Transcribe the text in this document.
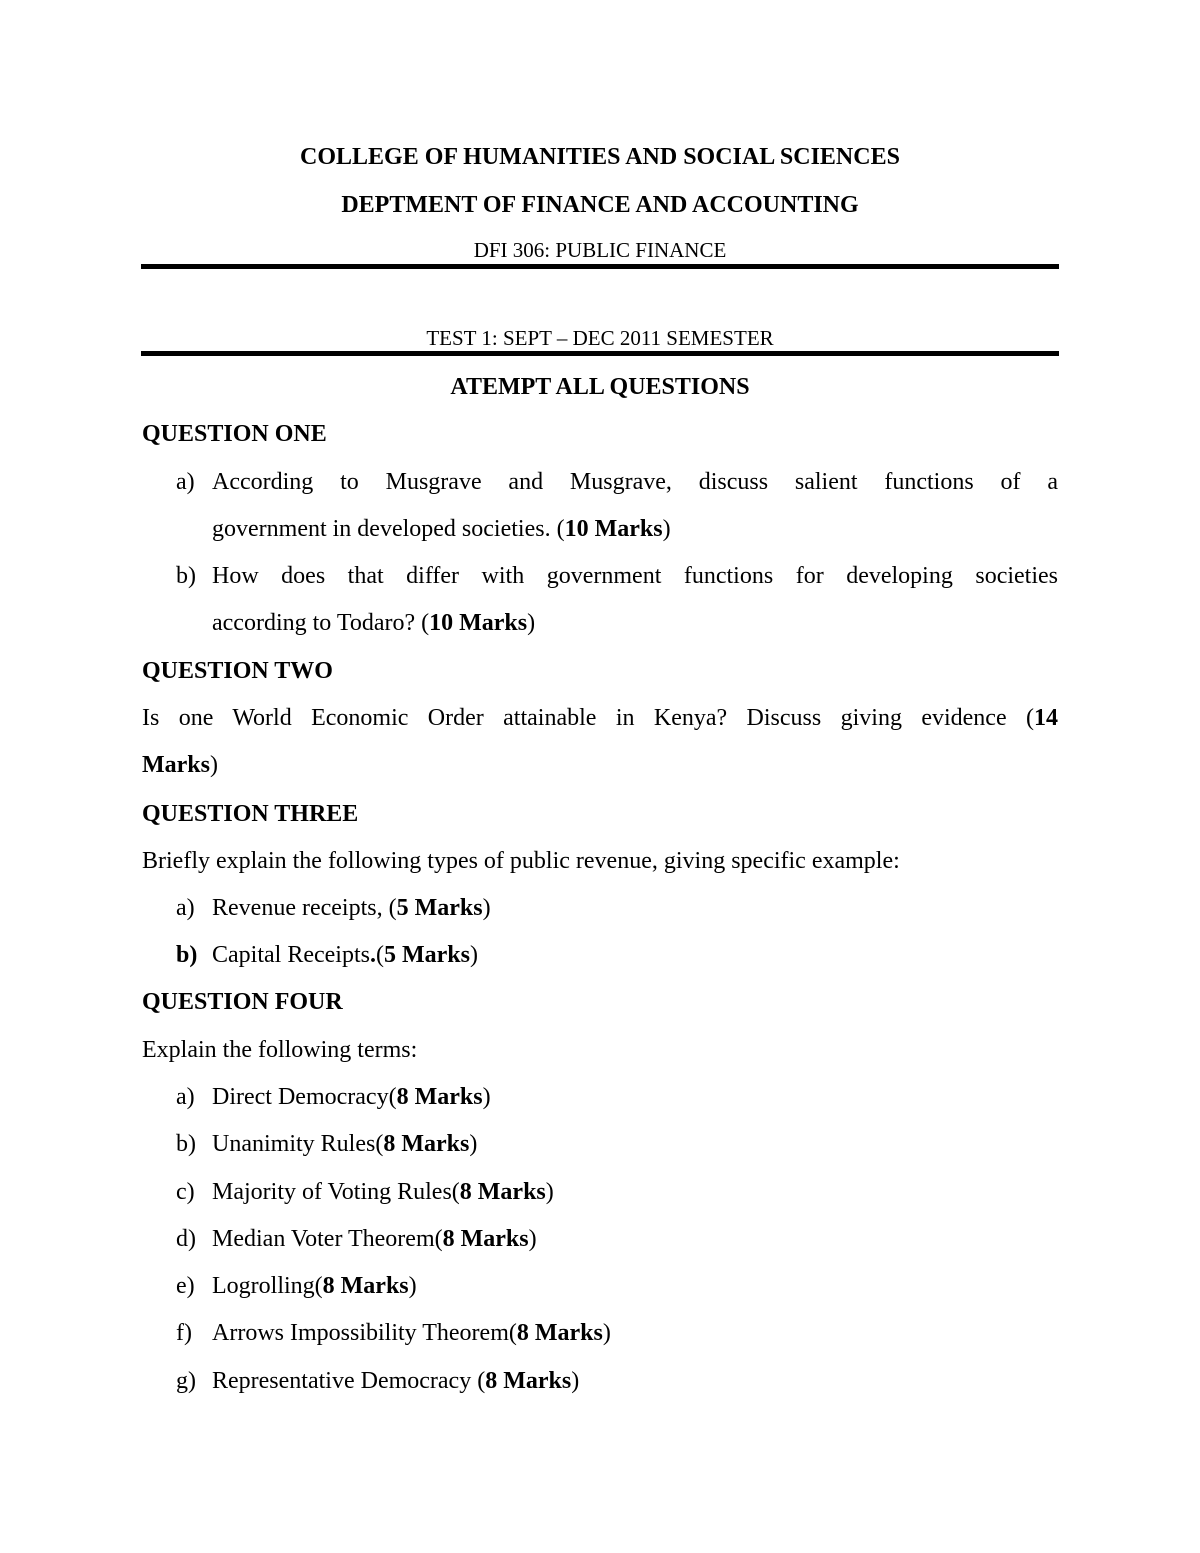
COLLEGE OF HUMANITIES AND SOCIAL SCIENCES
DEPTMENT OF FINANCE AND ACCOUNTING
DFI 306: PUBLIC FINANCE
TEST 1: SEPT – DEC 2011 SEMESTER
ATEMPT ALL QUESTIONS
QUESTION ONE
a) According to Musgrave and Musgrave, discuss salient functions of a
government in developed societies. (10 Marks)
b) How does that differ with government functions for developing societies
according to Todaro? (10 Marks)
QUESTION TWO
Is one World Economic Order attainable in Kenya? Discuss giving evidence (14
Marks)
QUESTION THREE
Briefly explain the following types of public revenue, giving specific example:
a) Revenue receipts, (5 Marks)
b) Capital Receipts.(5 Marks)
QUESTION FOUR
Explain the following terms:
a) Direct Democracy(8 Marks)
b) Unanimity Rules(8 Marks)
c) Majority of Voting Rules(8 Marks)
d) Median Voter Theorem(8 Marks)
e) Logrolling(8 Marks)
f) Arrows Impossibility Theorem(8 Marks)
g) Representative Democracy (8 Marks)
